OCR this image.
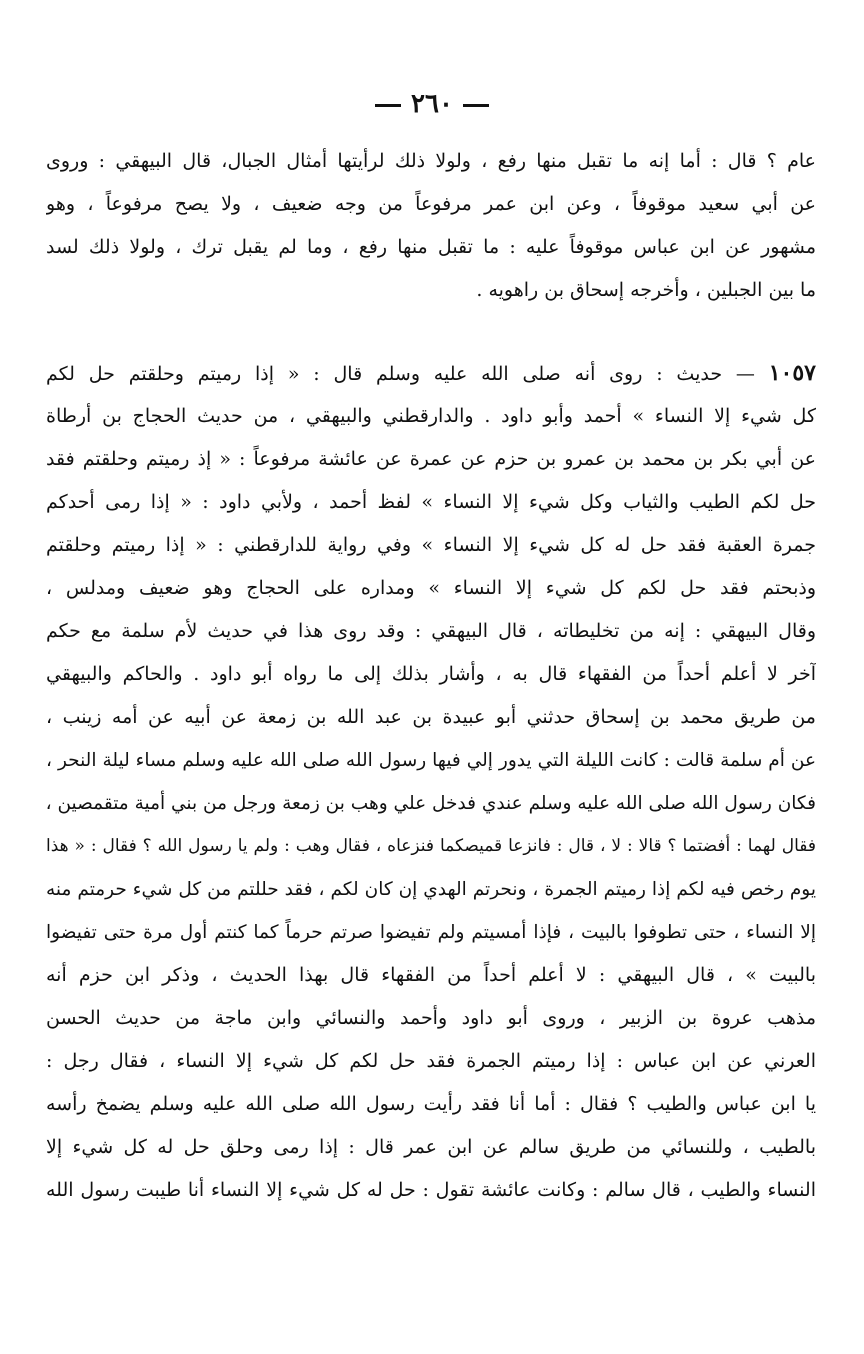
٢٦٠
عام ؟ قال : أما إنه ما تقبل منها رفع ، ولولا ذلك لرأيتها أمثال الجبال، قال البيهقي : وروى
عن أبي سعيد موقوفاً ، وعن ابن عمر مرفوعاً من وجه ضعيف ، ولا يصح مرفوعاً ، وهو
مشهور عن ابن عباس موقوفاً عليه : ما تقبل منها رفع ، وما لم يقبل ترك ، ولولا ذلك لسد
ما بين الجبلين ، وأخرجه إسحاق بن راهويه .
١٠٥٧ — حديث : روى أنه صلى الله عليه وسلم قال : « إذا رميتم وحلقتم حل لكم
كل شيء إلا النساء » أحمد وأبو داود . والدارقطني والبيهقي ، من حديث الحجاج بن أرطاة
عن أبي بكر بن محمد بن عمرو بن حزم عن عمرة عن عائشة مرفوعاً : « إذ رميتم وحلقتم فقد
حل لكم الطيب والثياب وكل شيء إلا النساء » لفظ أحمد ، ولأبي داود : « إذا رمى أحدكم
جمرة العقبة فقد حل له كل شيء إلا النساء » وفي رواية للدارقطني : « إذا رميتم وحلقتم
وذبحتم فقد حل لكم كل شيء إلا النساء » ومداره على الحجاج وهو ضعيف ومدلس ،
وقال البيهقي : إنه من تخليطاته ، قال البيهقي : وقد روى هذا في حديث لأم سلمة مع حكم
آخر لا أعلم أحداً من الفقهاء قال به ، وأشار بذلك إلى ما رواه أبو داود . والحاكم والبيهقي
من طريق محمد بن إسحاق حدثني أبو عبيدة بن عبد الله بن زمعة عن أبيه عن أمه زينب ،
عن أم سلمة قالت : كانت الليلة التي يدور إلي فيها رسول الله صلى الله عليه وسلم مساء ليلة النحر ،
فكان رسول الله صلى الله عليه وسلم عندي فدخل علي وهب بن زمعة ورجل من بني أمية متقمصين ،
فقال لهما : أفضتما ؟ قالا : لا ، قال : فانزعا قميصكما فنزعاه ، فقال وهب : ولم يا رسول الله ؟ فقال : « هذا
يوم رخص فيه لكم إذا رميتم الجمرة ، ونحرتم الهدي إن كان لكم ، فقد حللتم من كل شيء حرمتم منه
إلا النساء ، حتى تطوفوا بالبيت ، فإذا أمسيتم ولم تفيضوا صرتم حرماً كما كنتم أول مرة حتى تفيضوا
بالبيت » ، قال البيهقي : لا أعلم أحداً من الفقهاء قال بهذا الحديث ، وذكر ابن حزم أنه
مذهب عروة بن الزبير ، وروى أبو داود وأحمد والنسائي وابن ماجة من حديث الحسن
العرني عن ابن عباس : إذا رميتم الجمرة فقد حل لكم كل شيء إلا النساء ، فقال رجل :
يا ابن عباس والطيب ؟ فقال : أما أنا فقد رأيت رسول الله صلى الله عليه وسلم يضمخ رأسه
بالطيب ، وللنسائي من طريق سالم عن ابن عمر قال : إذا رمى وحلق حل له كل شيء إلا
النساء والطيب ، قال سالم : وكانت عائشة تقول : حل له كل شيء إلا النساء أنا طيبت رسول الله
